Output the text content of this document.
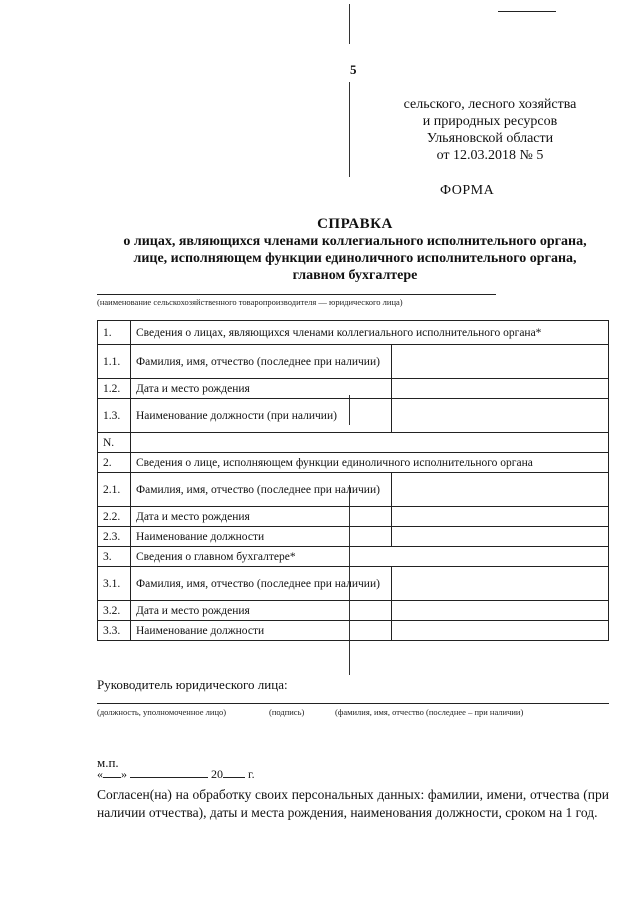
5
сельского, лесного хозяйства
и природных ресурсов
Ульяновской области
от 12.03.2018 № 5
ФОРМА
СПРАВКА
о лицах, являющихся членами коллегиального исполнительного органа,
лице, исполняющем функции единоличного исполнительного органа,
главном бухгалтере
(наименование сельскохозяйственного товаропроизводителя — юридического лица)
1.	Сведения о лицах, являющихся членами коллегиального исполнительного органа*	
1.1.	Фамилия, имя, отчество (последнее при наличии)	
1.2.	Дата и место рождения	
1.3.	Наименование должности (при наличии)	
N.		
2.	Сведения о лице, исполняющем функции единоличного исполнительного органа	
2.1.	Фамилия, имя, отчество (последнее при наличии)	
2.2.	Дата и место рождения	
2.3.	Наименование должности	
3.	Сведения о главном бухгалтере*	
3.1.	Фамилия, имя, отчество (последнее при наличии)	
3.2.	Дата и место рождения	
3.3.	Наименование должности	
Руководитель юридического лица:
(должность, уполномоченное лицо)	(подпись)	(фамилия, имя, отчество (последнее – при наличии)
м.п.
« »	20 г.
Согласен(на) на обработку своих персональных данных: фамилии, имени, отчества (при наличии отчества), даты и места рождения, наименования должности, сроком на 1 год.
